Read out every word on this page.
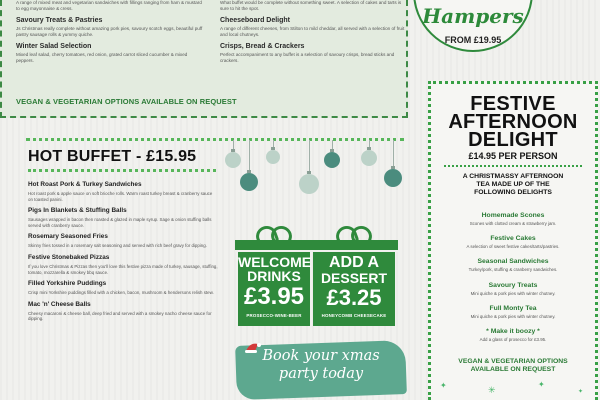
A range of mixed meat and vegetarian sandwiches with fillings ranging from ham & mustard to egg mayonnaise & cress.
Savoury Treats & Pastries
Js Christmas really complete without amazing pork pies, savoury scotch eggs, beautiful puff pastry sausage rolls & yummy quiche.
Winter Salad Selection
Mixed leaf salad, cherry tomatoes, red onion, grated carrot sliced cucumber & mixed peppers.
What buffet would be complete without something sweet. A selection of cakes and tarts is sure to hit the spot.
Cheeseboard Delight
A range of different cheeses, from Stilton to mild cheddar, all served with a selection of fruit and local chutneys.
Crisps, Bread & Crackers
Perfect accompaniment to any buffet is a selection of savoury crisps, bread sticks and crackers.
VEGAN & VEGETARIAN OPTIONS AVAILABLE ON REQUEST
Hampers
FROM £19.95
HOT BUFFET - £15.95
Hot Roast Pork & Turkey Sandwiches
Hot roast pork & apple sauce on soft brioche rolls. Warm roast turkey breast & cranberry sauce on toasted panini.
Pigs In Blankets & Stuffing Balls
Sausages wrapped in bacon then roasted & glazed in maple syrup. Sage & onion stuffing balls served with cranberry sauce.
Rosemary Seasoned Fries
Skinny fries tossed in a rosemary salt seasoning and served with rich beef gravy for dipping.
Festive Stonebaked Pizzas
If you love Christmas & Pizzas then you'll love this festive pizza made of turkey, sausage, stuffing, tomato, mozzarella & smokey bbq sauce.
Filled Yorkshire Puddings
Crisp mini Yorkshire puddings filled with a chicken, bacon, mushroom & hendersons relish stew.
Mac 'n' Cheese Balls
Cheesy macaroni & cheese ball, deep fried and served with a smokey nacho cheese sauce for dipping.
WELCOME
DRINKS
£3.95
PROSECCO-WINE-BEER
ADD A
DESSERT
£3.25
HONEYCOMB CHEESECAKE
Book your xmas
party today
FESTIVE
AFTERNOON
DELIGHT
£14.95 PER PERSON
A CHRISTMASSY AFTERNOON
TEA MADE UP OF THE
FOLLOWING DELIGHTS
Homemade Scones
Scones with clotted cream & strawberry jam.
Festive Cakes
A selection of sweet festive cakes/tarts/pastries.
Seasonal Sandwiches
Turkey/pork, stuffing & cranberry sandwiches.
Savoury Treats
Mini quiche & pork pies with winter chutney.
Full Monty Tea
Mini quiche & pork pies with winter chutney.
* Make it boozy *
Add a glass of prosecco for £3.95.
VEGAN & VEGETARIAN OPTIONS
AVAILABLE ON REQUEST
✦	✳
✦
✦
